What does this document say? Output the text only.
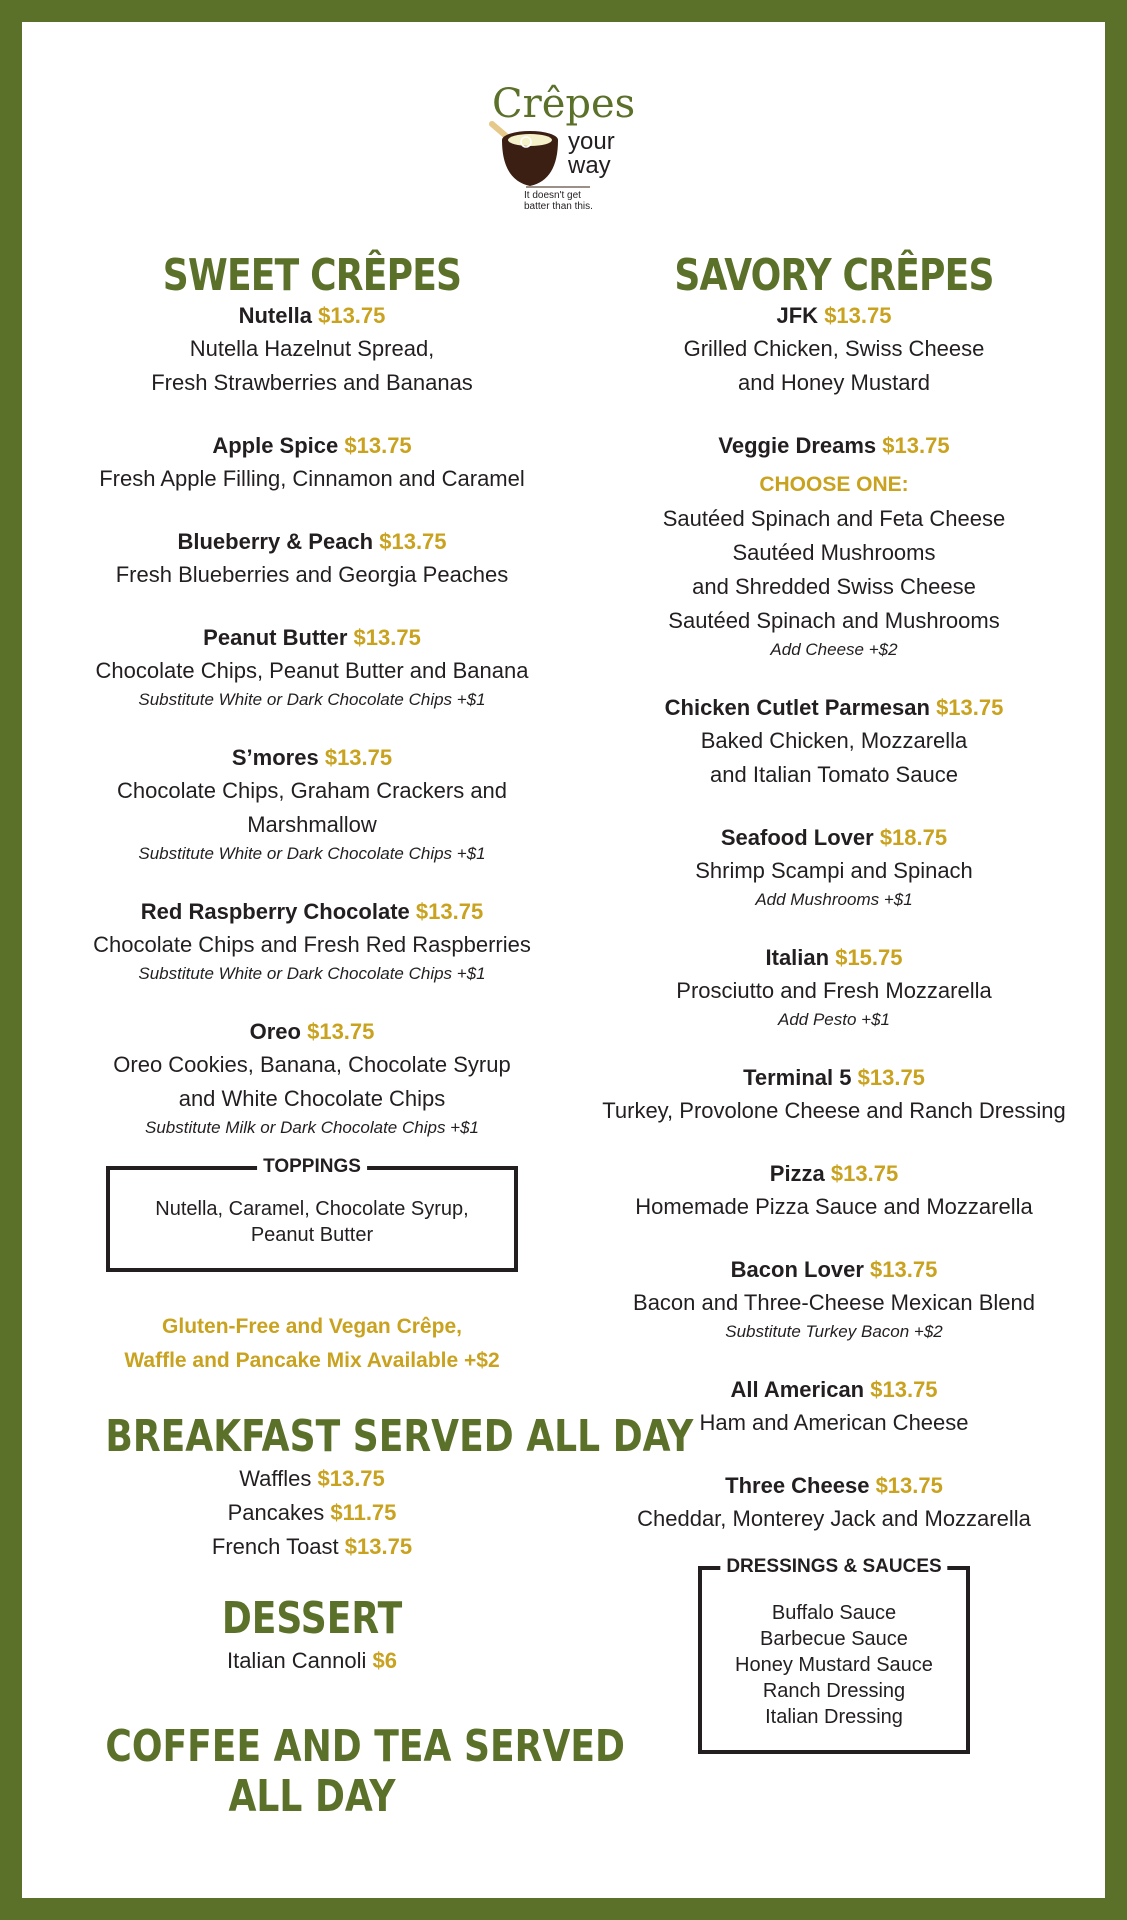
Crêpes
your
way
It doesn't get
batter than this.
SWEET CRÊPES
Nutella $13.75
Nutella Hazelnut Spread,
Fresh Strawberries and Bananas
Apple Spice $13.75
Fresh Apple Filling, Cinnamon and Caramel
Blueberry & Peach $13.75
Fresh Blueberries and Georgia Peaches
Peanut Butter $13.75
Chocolate Chips, Peanut Butter and Banana
Substitute White or Dark Chocolate Chips +$1
S’mores $13.75
Chocolate Chips, Graham Crackers and
Marshmallow
Substitute White or Dark Chocolate Chips +$1
Red Raspberry Chocolate $13.75
Chocolate Chips and Fresh Red Raspberries
Substitute White or Dark Chocolate Chips +$1
Oreo $13.75
Oreo Cookies, Banana, Chocolate Syrup
and White Chocolate Chips
Substitute Milk or Dark Chocolate Chips +$1
TOPPINGS
Nutella, Caramel, Chocolate Syrup,
Peanut Butter
Gluten-Free and Vegan Crêpe,
Waffle and Pancake Mix Available +$2
BREAKFAST SERVED ALL DAY
Waffles $13.75
Pancakes $11.75
French Toast $13.75
DESSERT
Italian Cannoli $6
COFFEE AND TEA SERVED
ALL DAY
SAVORY CRÊPES
JFK $13.75
Grilled Chicken, Swiss Cheese
and Honey Mustard
Veggie Dreams $13.75
CHOOSE ONE:
Sautéed Spinach and Feta Cheese
Sautéed Mushrooms
and Shredded Swiss Cheese
Sautéed Spinach and Mushrooms
Add Cheese +$2
Chicken Cutlet Parmesan $13.75
Baked Chicken, Mozzarella
and Italian Tomato Sauce
Seafood Lover $18.75
Shrimp Scampi and Spinach
Add Mushrooms +$1
Italian $15.75
Prosciutto and Fresh Mozzarella
Add Pesto +$1
Terminal 5 $13.75
Turkey, Provolone Cheese and Ranch Dressing
Pizza $13.75
Homemade Pizza Sauce and Mozzarella
Bacon Lover $13.75
Bacon and Three-Cheese Mexican Blend
Substitute Turkey Bacon +$2
All American $13.75
Ham and American Cheese
Three Cheese $13.75
Cheddar, Monterey Jack and Mozzarella
DRESSINGS & SAUCES
Buffalo Sauce
Barbecue Sauce
Honey Mustard Sauce
Ranch Dressing
Italian Dressing
